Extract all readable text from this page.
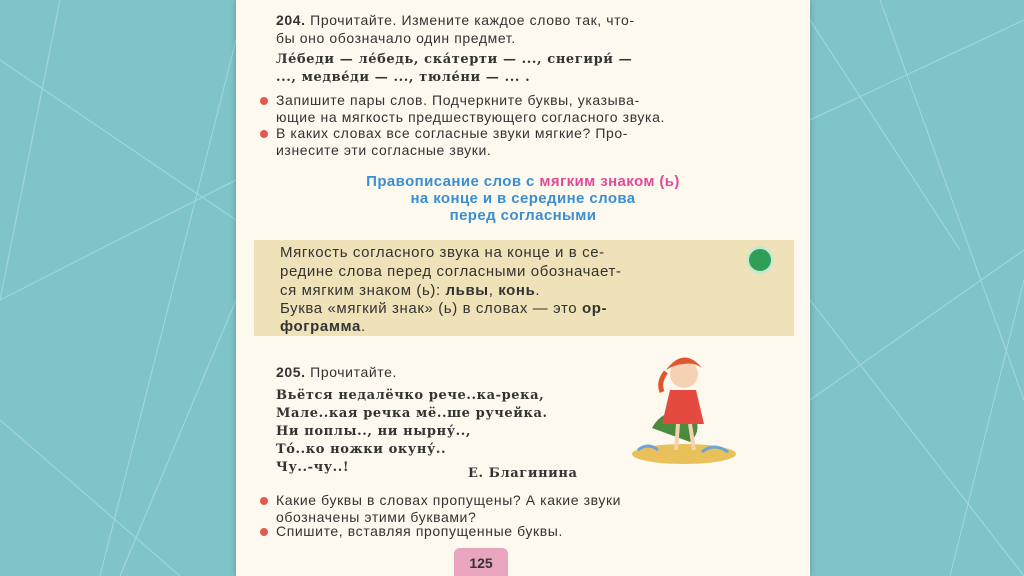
204. Прочитайте. Измените каждое слово так, что-
бы оно обозначало один предмет.
Ле́беди — ле́бедь, ска́терти — ..., снегири́ —
..., медве́ди — ..., тюле́ни — ... .
Запишите пары слов. Подчеркните буквы, указыва-
ющие на мягкость предшествующего согласного звука.
В каких словах все согласные звуки мягкие? Про-
изнесите эти согласные звуки.
Правописание слов с мягким знаком (ь)
на конце и в середине слова
перед согласными
Мягкость согласного звука на конце и в се-
редине слова перед согласными обозначает-
ся мягким знаком (ь): львы, конь.
Буква «мягкий знак» (ь) в словах — это ор-
фограмма.
205. Прочитайте.
Вьётся недалёчко рече..ка-река,
Мале..кая речка мё..ше ручейка.
Ни поплы.., ни нырну́..,
То́..ко ножки окуну́..
Чу..-чу..!	Е. Благинина
Какие буквы в словах пропущены? А какие звуки
обозначены этими буквами?
Спишите, вставляя пропущенные буквы.
125
